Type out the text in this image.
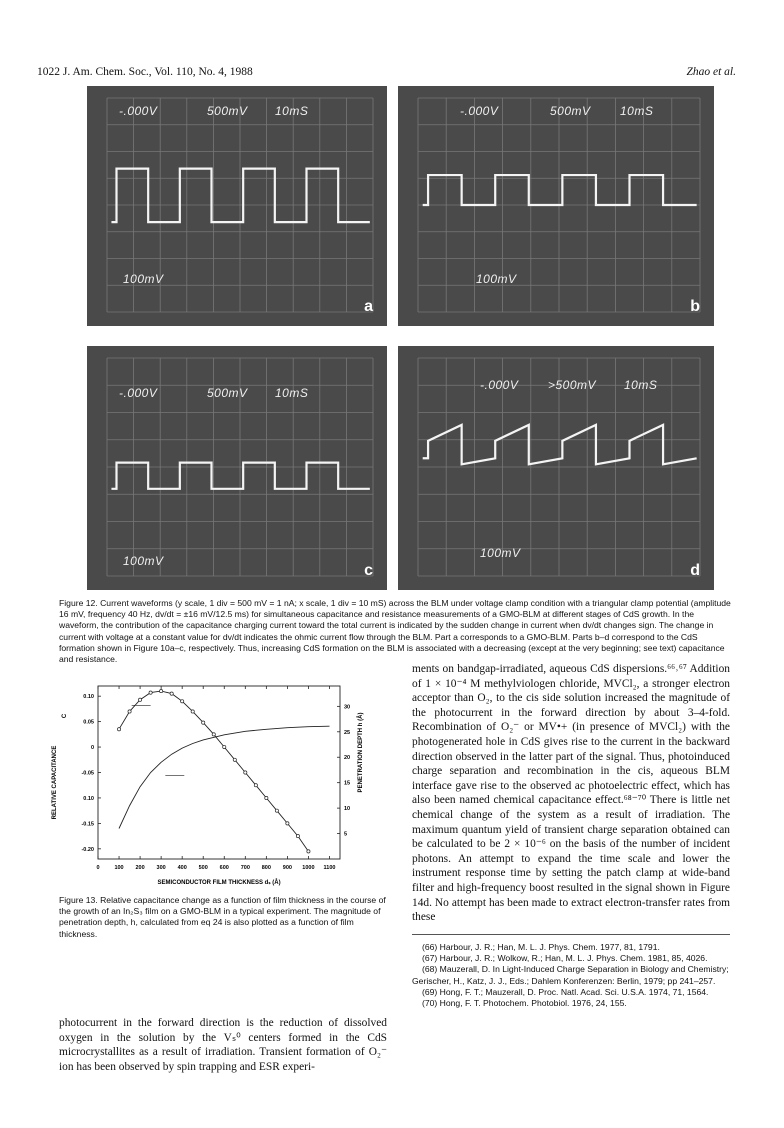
1022 J. Am. Chem. Soc., Vol. 110, No. 4, 1988	Zhao et al.
-.000V	500mV 10mS
100mV
a
-.000V	500mV 10mS
100mV
b
-.000V	500mV 10mS
100mV
c
-.000V >500mV 10mS
100mV
d
Figure 12. Current waveforms (y scale, 1 div = 500 mV = 1 nA; x scale, 1 div = 10 mS) across the BLM under voltage clamp condition with a triangular clamp potential (amplitude 16 mV, frequency 40 Hz, dv/dt = ±16 mV/12.5 ms) for simultaneous capacitance and resistance measurements of a GMO-BLM at different stages of CdS growth. In the waveform, the contribution of the capacitance charging current toward the total current is indicated by the sudden change in current when dv/dt changes sign. The change in current with voltage at a constant value for dv/dt indicates the ohmic current flow through the BLM. Part a corresponds to a GMO-BLM. Parts b–d correspond to the CdS formation shown in Figure 10a–c, respectively. Thus, increasing CdS formation on the BLM is associated with a decreasing (except at the very beginning; see text) capacitance and resistance.
0	100 200 300 400 500 600 700 800 900 1000 1100
0.10
0.05
0
-0.05
0.10
-0.15
-0.20
30
25
20
15
10
5
SEMICONDUCTOR FILM THICKNESS dₛ (Å)
RELATIVE CAPACITANCE
C	PENETRATION DEPTH h (Å)
Figure 13. Relative capacitance change as a function of film thickness in the course of the growth of an In₂S₃ film on a GMO-BLM in a typical experiment. The magnitude of penetration depth, h, calculated from eq 24 is also plotted as a function of film thickness.

photocurrent in the forward direction is the reduction of dissolved oxygen in the solution by the Vₛ⁰ centers formed in the CdS microcrystallites as a result of irradiation. Transient formation of O₂⁻ ion has been observed by spin trapping and ESR experi-

ments on bandgap-irradiated, aqueous CdS dispersions.⁶⁶˒⁶⁷ Addition of 1 × 10⁻⁴ M methylviologen chloride, MVCl₂, a stronger electron acceptor than O₂, to the cis side solution increased the magnitude of the photocurrent in the forward direction by about 3–4-fold. Recombination of O₂⁻ or MV•+ (in presence of MVCl₂) with the photogenerated hole in CdS gives rise to the current in the backward direction observed in the latter part of the signal. Thus, photoinduced charge separation and recombination in the cis, aqueous BLM interface gave rise to the observed ac photoelectric effect, which has also been named chemical capacitance effect.⁶⁸⁻⁷⁰ There is little net chemical change of the system as a result of irradiation. The maximum quantum yield of transient charge separation obtained can be calculated to be 2 × 10⁻⁶ on the basis of the number of incident photons. An attempt to expand the time scale and lower the instrument response time by setting the patch clamp at wide-band filter and high-frequency boost resulted in the signal shown in Figure 14d. No attempt has been made to extract electron-transfer rates from these

(66) Harbour, J. R.; Han, M. L. J. Phys. Chem. 1977, 81, 1791.
(67) Harbour, J. R.; Wolkow, R.; Han, M. L. J. Phys. Chem. 1981, 85, 4026.
(68) Mauzerall, D. In Light-Induced Charge Separation in Biology and Chemistry; Gerischer, H., Katz, J. J., Eds.; Dahlem Konferenzen: Berlin, 1979; pp 241–257.
(69) Hong, F. T.; Mauzerall, D. Proc. Natl. Acad. Sci. U.S.A. 1974, 71, 1564.
(70) Hong, F. T. Photochem. Photobiol. 1976, 24, 155.
